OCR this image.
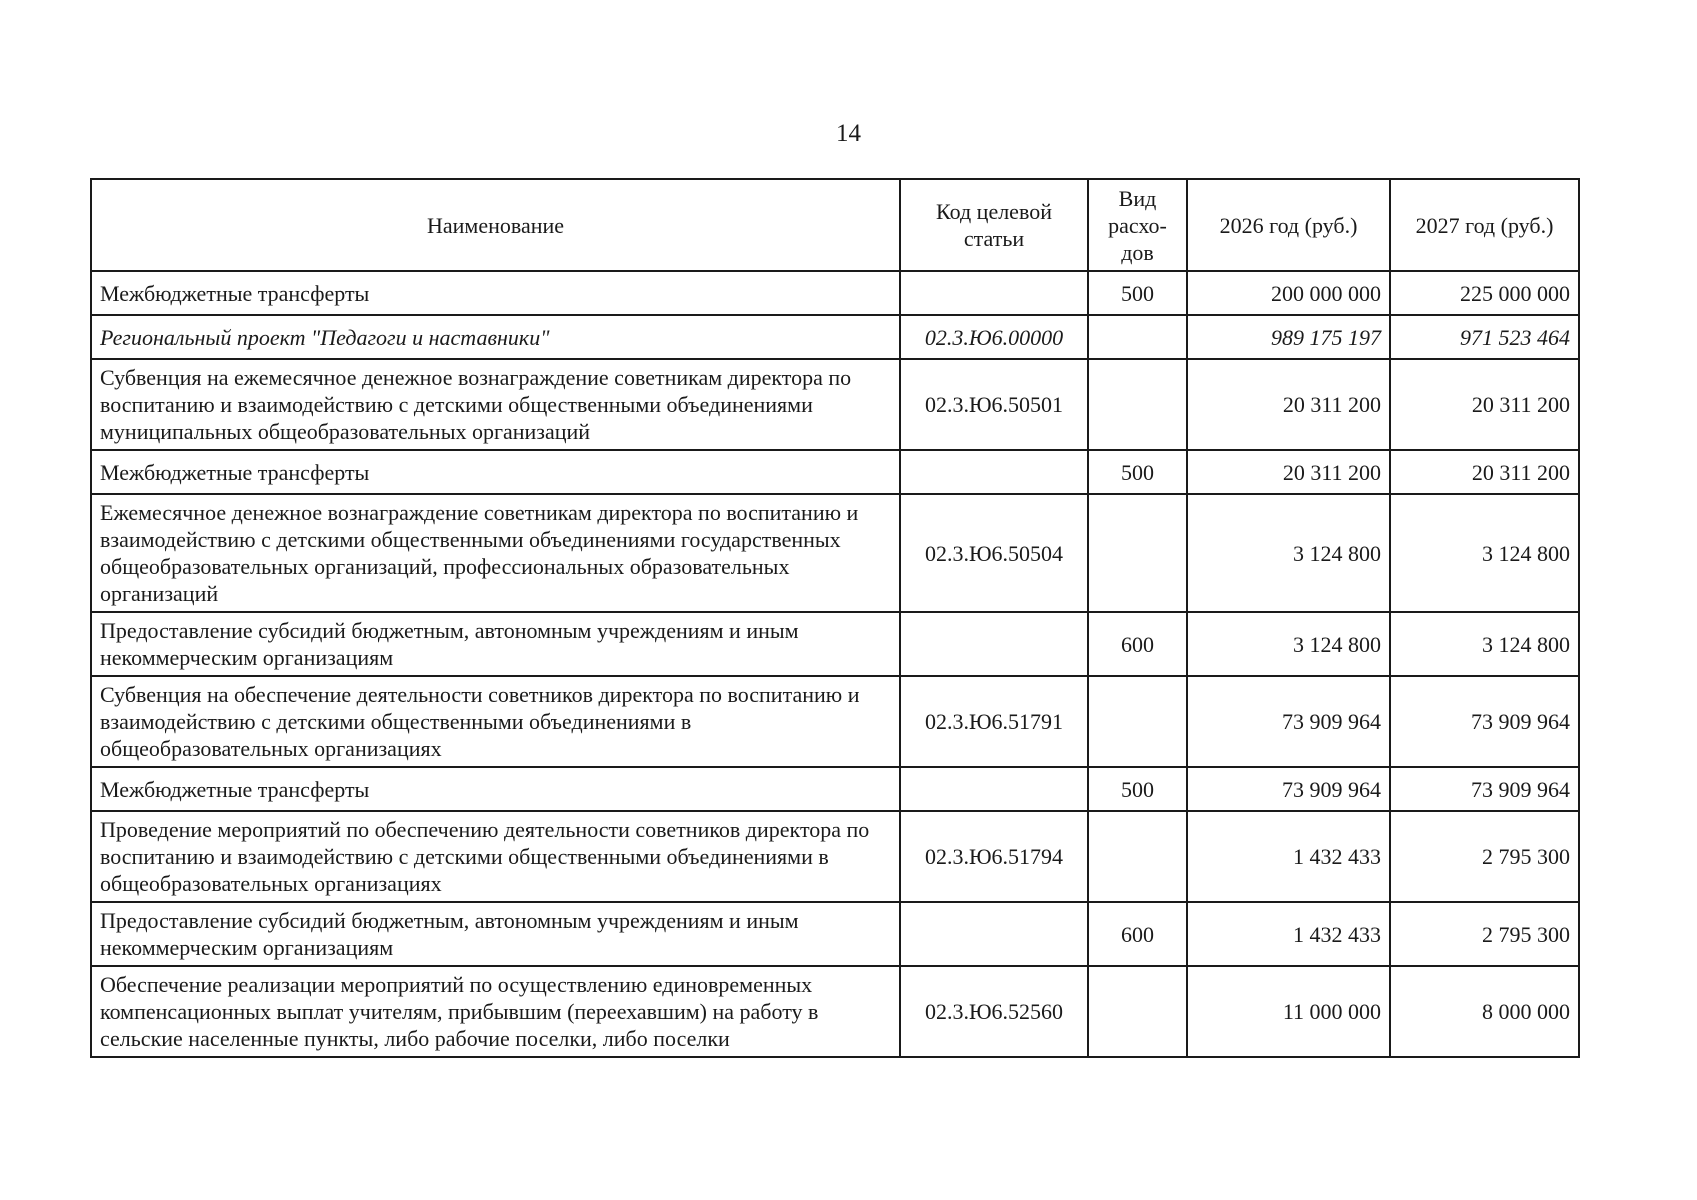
14
Наименование	Код целевой статьи	Вид расхо-дов	2026 год (руб.)	2027 год (руб.)
Межбюджетные трансферты		500	200 000 000	225 000 000
Региональный проект "Педагоги и наставники"	02.3.Ю6.00000		989 175 197	971 523 464
Субвенция на ежемесячное денежное вознаграждение советникам директора по воспитанию и взаимодействию с детскими общественными объединениями муниципальных общеобразовательных организаций	02.3.Ю6.50501		20 311 200	20 311 200
Межбюджетные трансферты		500	20 311 200	20 311 200
Ежемесячное денежное вознаграждение советникам директора по воспитанию и взаимодействию с детскими общественными объединениями государственных общеобразовательных организаций, профессиональных образовательных организаций	02.3.Ю6.50504		3 124 800	3 124 800
Предоставление субсидий бюджетным, автономным учреждениям и иным некоммерческим организациям		600	3 124 800	3 124 800
Субвенция на обеспечение деятельности советников директора по воспитанию и взаимодействию с детскими общественными объединениями в общеобразовательных организациях	02.3.Ю6.51791		73 909 964	73 909 964
Межбюджетные трансферты		500	73 909 964	73 909 964
Проведение мероприятий по обеспечению деятельности советников директора по воспитанию и взаимодействию с детскими общественными объединениями в общеобразовательных организациях	02.3.Ю6.51794		1 432 433	2 795 300
Предоставление субсидий бюджетным, автономным учреждениям и иным некоммерческим организациям		600	1 432 433	2 795 300
Обеспечение реализации мероприятий по осуществлению единовременных компенсационных выплат учителям, прибывшим (переехавшим) на работу в сельские населенные пункты, либо рабочие поселки, либо поселки	02.3.Ю6.52560		11 000 000	8 000 000
